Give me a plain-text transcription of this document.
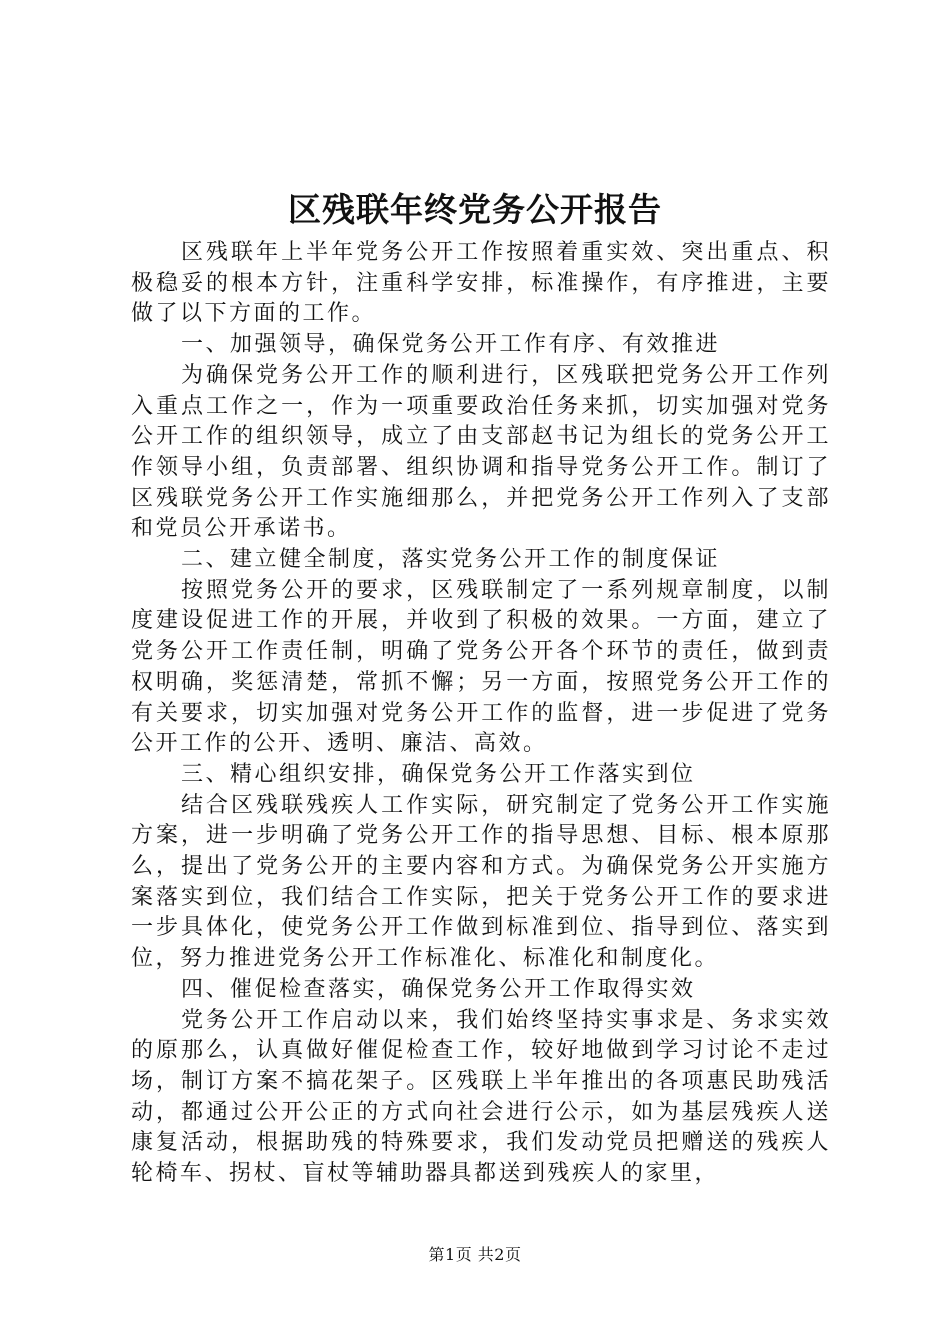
区残联年终党务公开报告

区残联年上半年党务公开工作按照着重实效、突出重点、积极稳妥的根本方针，注重科学安排，标准操作，有序推进，主要做了以下方面的工作。

一、加强领导，确保党务公开工作有序、有效推进

为确保党务公开工作的顺利进行，区残联把党务公开工作列入重点工作之一，作为一项重要政治任务来抓，切实加强对党务公开工作的组织领导，成立了由支部赵书记为组长的党务公开工作领导小组，负责部署、组织协调和指导党务公开工作。制订了区残联党务公开工作实施细那么，并把党务公开工作列入了支部和党员公开承诺书。

二、建立健全制度，落实党务公开工作的制度保证

按照党务公开的要求，区残联制定了一系列规章制度，以制度建设促进工作的开展，并收到了积极的效果。一方面，建立了党务公开工作责任制，明确了党务公开各个环节的责任，做到责权明确，奖惩清楚，常抓不懈；另一方面，按照党务公开工作的有关要求，切实加强对党务公开工作的监督，进一步促进了党务公开工作的公开、透明、廉洁、高效。

三、精心组织安排，确保党务公开工作落实到位

结合区残联残疾人工作实际，研究制定了党务公开工作实施方案，进一步明确了党务公开工作的指导思想、目标、根本原那么，提出了党务公开的主要内容和方式。为确保党务公开实施方案落实到位，我们结合工作实际，把关于党务公开工作的要求进一步具体化，使党务公开工作做到标准到位、指导到位、落实到位，努力推进党务公开工作标准化、标准化和制度化。

四、催促检查落实，确保党务公开工作取得实效

党务公开工作启动以来，我们始终坚持实事求是、务求实效的原那么，认真做好催促检查工作，较好地做到学习讨论不走过场，制订方案不搞花架子。区残联上半年推出的各项惠民助残活动，都通过公开公正的方式向社会进行公示，如为基层残疾人送康复活动，根据助残的特殊要求，我们发动党员把赠送的残疾人轮椅车、拐杖、盲杖等辅助器具都送到残疾人的家里，

第1页 共2页
